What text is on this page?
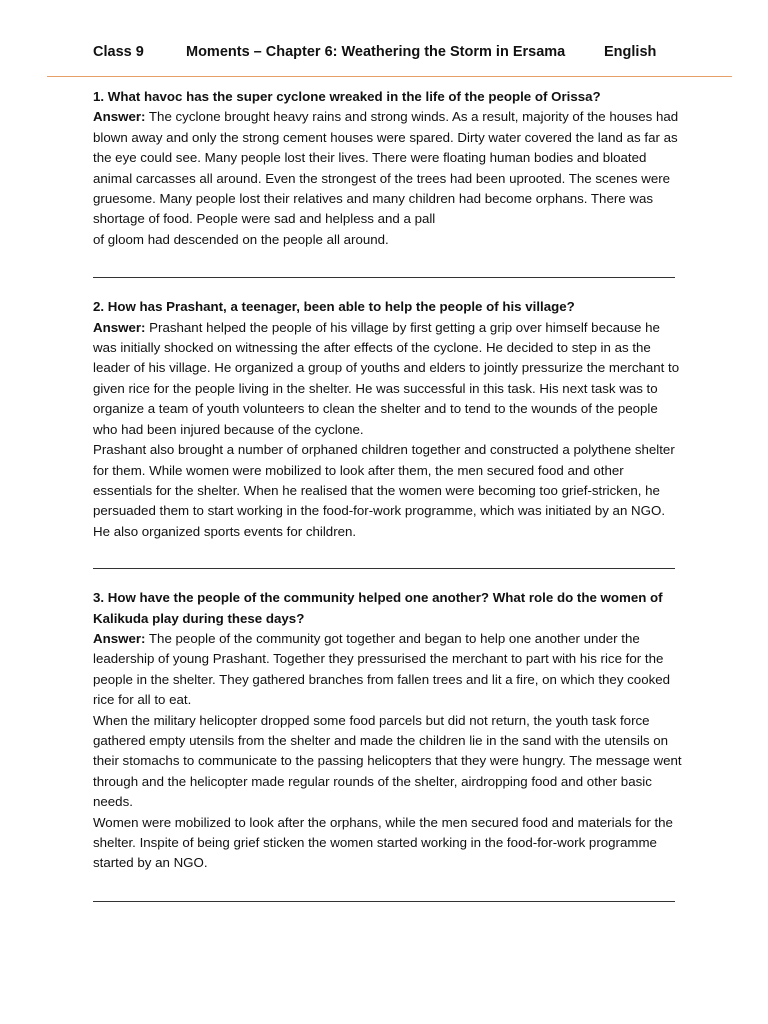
Class 9	Moments – Chapter 6: Weathering the Storm in Ersama	English

1. What havoc has the super cyclone wreaked in the life of the people of Orissa?

Answer: The cyclone brought heavy rains and strong winds. As a result, majority of the houses had blown away and only the strong cement houses were spared. Dirty water covered the land as far as the eye could see. Many people lost their lives. There were floating human bodies and bloated animal carcasses all around. Even the strongest of the trees had been uprooted. The scenes were gruesome. Many people lost their relatives and many children had become orphans. There was shortage of food. People were sad and helpless and a pall

of gloom had descended on the people all around.

2. How has Prashant, a teenager, been able to help the people of his village?

Answer: Prashant helped the people of his village by first getting a grip over himself because he was initially shocked on witnessing the after effects of the cyclone. He decided to step in as the leader of his village. He organized a group of youths and elders to jointly pressurize the merchant to given rice for the people living in the shelter. He was successful in this task. His next task was to organize a team of youth volunteers to clean the shelter and to tend to the wounds of the people who had been injured because of the cyclone.

Prashant also brought a number of orphaned children together and constructed a polythene shelter for them. While women were mobilized to look after them, the men secured food and other essentials for the shelter. When he realised that the women were becoming too grief-stricken, he persuaded them to start working in the food-for-work programme, which was initiated by an NGO. He also organized sports events for children.

3. How have the people of the community helped one another? What role do the women of Kalikuda play during these days?

Answer: The people of the community got together and began to help one another under the leadership of young Prashant. Together they pressurised the merchant to part with his rice for the people in the shelter. They gathered branches from fallen trees and lit a fire, on which they cooked rice for all to eat.

When the military helicopter dropped some food parcels but did not return, the youth task force gathered empty utensils from the shelter and made the children lie in the sand with the utensils on their stomachs to communicate to the passing helicopters that they were hungry. The message went through and the helicopter made regular rounds of the shelter, airdropping food and other basic needs.

Women were mobilized to look after the orphans, while the men secured food and materials for the shelter. Inspite of being grief sticken the women started working in the food-for-work programme started by an NGO.
